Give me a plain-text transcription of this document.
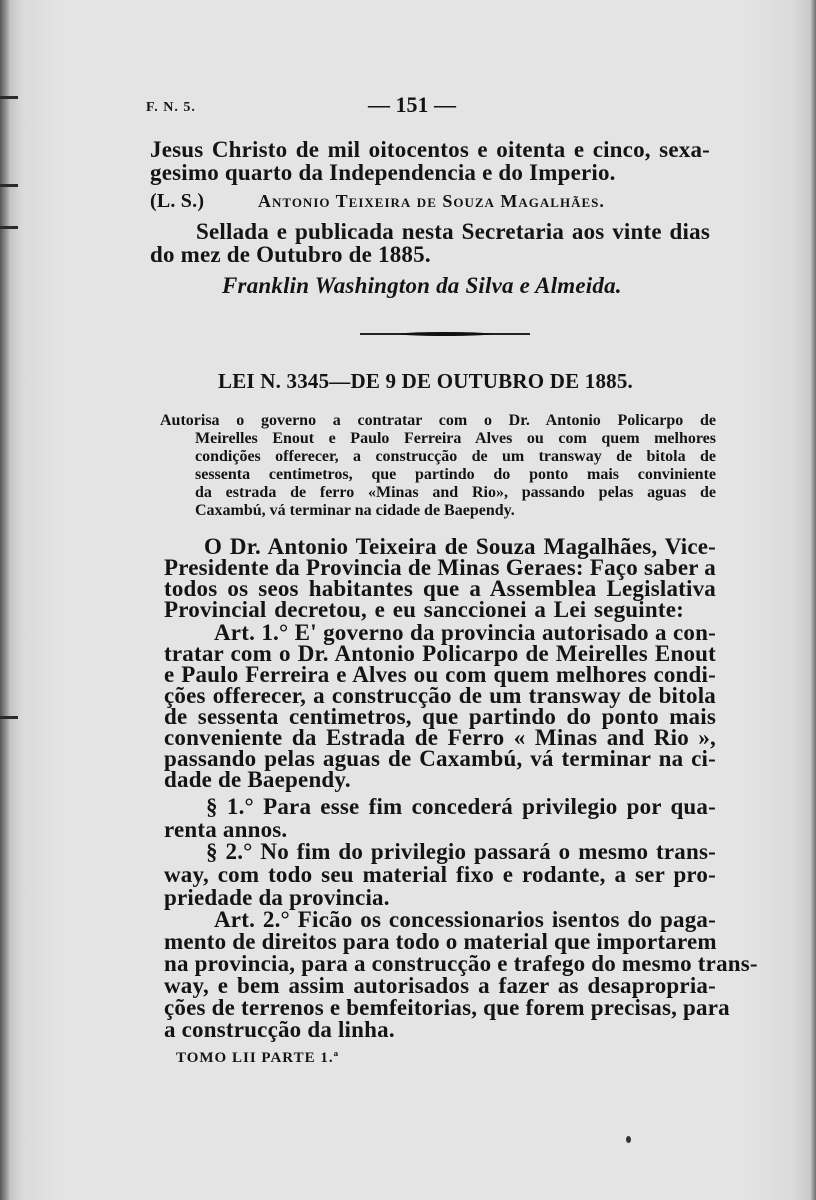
F. N. 5.	— 151 —

Jesus Christo de mil oitocentos e oitenta e cinco, sexa-

gesimo quarto da Independencia e do Imperio.

(L. S.)	Antonio Teixeira de Souza Magalhães.

Sellada e publicada nesta Secretaria aos vinte dias

do mez de Outubro de 1885.

Franklin Washington da Silva e Almeida.

LEI N. 3345—DE 9 DE OUTUBRO DE 1885.

Autorisa o governo a contratar com o Dr. Antonio Policarpo de

Meirelles Enout e Paulo Ferreira Alves ou com quem melhores

condições offerecer, a construcção de um transway de bitola de

sessenta centimetros, que partindo do ponto mais conviniente

da estrada de ferro «Minas and Rio», passando pelas aguas de

Caxambú, vá terminar na cidade de Baependy.

O Dr. Antonio Teixeira de Souza Magalhães, Vice-

Presidente da Provincia de Minas Geraes: Faço saber a

todos os seos habitantes que a Assemblea Legislativa

Provincial decretou, e eu sanccionei a Lei seguinte:

Art. 1.° E' governo da provincia autorisado a con-

tratar com o Dr. Antonio Policarpo de Meirelles Enout

e Paulo Ferreira e Alves ou com quem melhores condi-

ções offerecer, a construcção de um transway de bitola

de sessenta centimetros, que partindo do ponto mais

conveniente da Estrada de Ferro « Minas and Rio »,

passando pelas aguas de Caxambú, vá terminar na ci-

dade de Baependy.

§ 1.° Para esse fim concederá privilegio por qua-

renta annos.

§ 2.° No fim do privilegio passará o mesmo trans-

way, com todo seu material fixo e rodante, a ser pro-

priedade da provincia.

Art. 2.° Ficão os concessionarios isentos do paga-

mento de direitos para todo o material que importarem

na provincia, para a construcção e trafego do mesmo trans-

way, e bem assim autorisados a fazer as desapropria-

ções de terrenos e bemfeitorias, que forem precisas, para

a construcção da linha.

TOMO LII PARTE 1.ª
